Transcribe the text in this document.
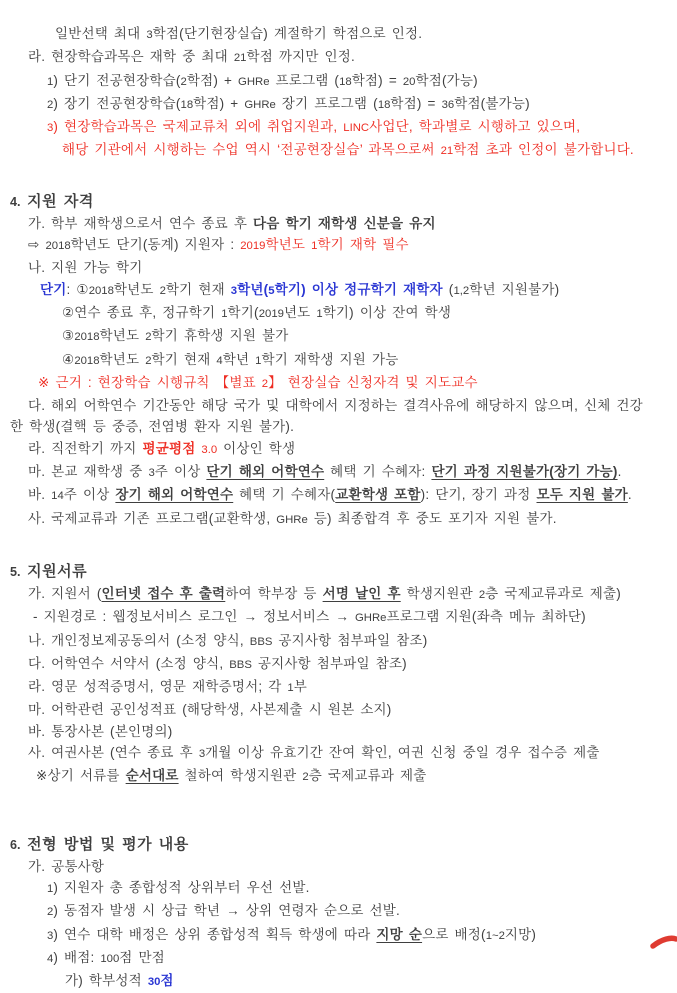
일반선택 최대 3학점(단기현장실습) 계절학기 학점으로 인정.

라. 현장학습과목은 재학 중 최대 21학점 까지만 인정.

1) 단기 전공현장학습(2학점) + GHRe 프로그램 (18학점) = 20학점(가능)

2) 장기 전공현장학습(18학점) + GHRe 장기 프로그램 (18학점) = 36학점(불가능)

3) 현장학습과목은 국제교류처 외에 취업지원과, LINC사업단, 학과별로 시행하고 있으며,

해당 기관에서 시행하는 수업 역시 ‘전공현장실습’ 과목으로써 21학점 초과 인정이 불가합니다.

4. 지원 자격

가. 학부 재학생으로서 연수 종료 후 다음 학기 재학생 신분을 유지

⇨ 2018학년도 단기(동계) 지원자 : 2019학년도 1학기 재학 필수

나. 지원 가능 학기

단기: ①2018학년도 2학기 현재 3학년(5학기) 이상 정규학기 재학자 (1,2학년 지원불가)

②연수 종료 후, 정규학기 1학기(2019년도 1학기) 이상 잔여 학생

③2018학년도 2학기 휴학생 지원 불가

④2018학년도 2학기 현재 4학년 1학기 재학생 지원 가능

※ 근거 : 현장학습 시행규칙 【별표 2】 현장실습 신청자격 및 지도교수

다. 해외 어학연수 기간동안 해당 국가 및 대학에서 지정하는 결격사유에 해당하지 않으며, 신체 건강

한 학생(결핵 등 중증, 전염병 환자 지원 불가).

라. 직전학기 까지 평균평점 3.0 이상인 학생

마. 본교 재학생 중 3주 이상 단기 해외 어학연수 혜택 기 수혜자: 단기 과정 지원불가(장기 가능).

바. 14주 이상 장기 해외 어학연수 혜택 기 수혜자(교환학생 포함): 단기, 장기 과정 모두 지원 불가.

사. 국제교류과 기존 프로그램(교환학생, GHRe 등) 최종합격 후 중도 포기자 지원 불가.

5. 지원서류

가. 지원서 (인터넷 접수 후 출력하여 학부장 등 서명 날인 후 학생지원관 2층 국제교류과로 제출)

- 지원경로 : 웹정보서비스 로그인 → 정보서비스 → GHRe프로그램 지원(좌측 메뉴 최하단)

나. 개인정보제공동의서 (소정 양식, BBS 공지사항 첨부파일 참조)

다. 어학연수 서약서 (소정 양식, BBS 공지사항 첨부파일 참조)

라. 영문 성적증명서, 영문 재학증명서; 각 1부

마. 어학관련 공인성적표 (해당학생, 사본제출 시 원본 소지)

바. 통장사본 (본인명의)

사. 여권사본 (연수 종료 후 3개월 이상 유효기간 잔여 확인, 여권 신청 중일 경우 접수증 제출

※상기 서류를 순서대로 철하여 학생지원관 2층 국제교류과 제출

6. 전형 방법 및 평가 내용

가. 공통사항

1) 지원자 총 종합성적 상위부터 우선 선발.

2) 동점자 발생 시 상급 학년 → 상위 연령자 순으로 선발.

3) 연수 대학 배정은 상위 종합성적 획득 학생에 따라 지망 순으로 배정(1~2지망)

4) 배점: 100점 만점

가) 학부성적 30점
